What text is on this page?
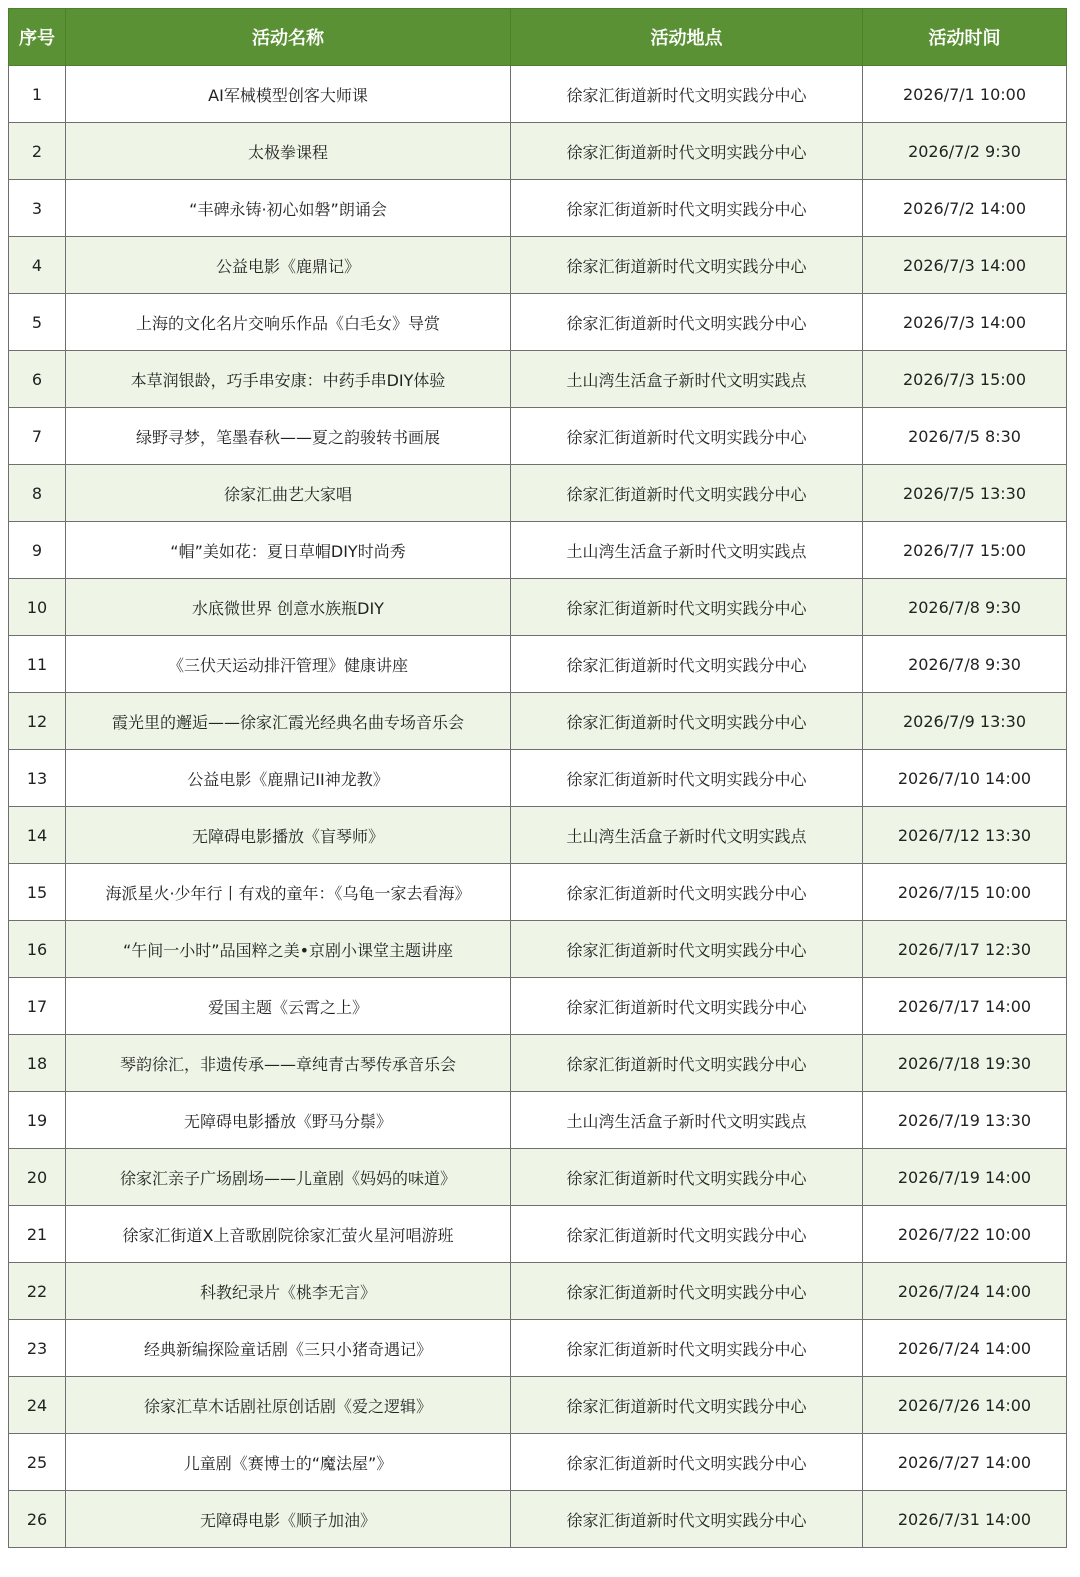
序号	活动名称	活动地点	活动时间
1	AI军械模型创客大师课	徐家汇街道新时代文明实践分中心	2026/7/1 10:00
2	太极拳课程	徐家汇街道新时代文明实践分中心	2026/7/2 9:30
3	“丰碑永铸·初心如磐”朗诵会	徐家汇街道新时代文明实践分中心	2026/7/2 14:00
4	公益电影《鹿鼎记》	徐家汇街道新时代文明实践分中心	2026/7/3 14:00
5	上海的文化名片交响乐作品《白毛女》导赏	徐家汇街道新时代文明实践分中心	2026/7/3 14:00
6	本草润银龄，巧手串安康：中药手串DIY体验	土山湾生活盒子新时代文明实践点	2026/7/3 15:00
7	绿野寻梦，笔墨春秋——夏之韵骏转书画展	徐家汇街道新时代文明实践分中心	2026/7/5 8:30
8	徐家汇曲艺大家唱	徐家汇街道新时代文明实践分中心	2026/7/5 13:30
9	“帽”美如花：夏日草帽DIY时尚秀	土山湾生活盒子新时代文明实践点	2026/7/7 15:00
10	水底微世界 创意水族瓶DIY	徐家汇街道新时代文明实践分中心	2026/7/8 9:30
11	《三伏天运动排汗管理》健康讲座	徐家汇街道新时代文明实践分中心	2026/7/8 9:30
12	霞光里的邂逅——徐家汇霞光经典名曲专场音乐会	徐家汇街道新时代文明实践分中心	2026/7/9 13:30
13	公益电影《鹿鼎记II神龙教》	徐家汇街道新时代文明实践分中心	2026/7/10 14:00
14	无障碍电影播放《盲琴师》	土山湾生活盒子新时代文明实践点	2026/7/12 13:30
15	海派星火·少年行丨有戏的童年：《乌龟一家去看海》	徐家汇街道新时代文明实践分中心	2026/7/15 10:00
16	“午间一小时”品国粹之美•京剧小课堂主题讲座	徐家汇街道新时代文明实践分中心	2026/7/17 12:30
17	爱国主题《云霄之上》	徐家汇街道新时代文明实践分中心	2026/7/17 14:00
18	琴韵徐汇，非遗传承——章纯青古琴传承音乐会	徐家汇街道新时代文明实践分中心	2026/7/18 19:30
19	无障碍电影播放《野马分鬃》	土山湾生活盒子新时代文明实践点	2026/7/19 13:30
20	徐家汇亲子广场剧场——儿童剧《妈妈的味道》	徐家汇街道新时代文明实践分中心	2026/7/19 14:00
21	徐家汇街道X上音歌剧院徐家汇萤火星河唱游班	徐家汇街道新时代文明实践分中心	2026/7/22 10:00
22	科教纪录片《桃李无言》	徐家汇街道新时代文明实践分中心	2026/7/24 14:00
23	经典新编探险童话剧《三只小猪奇遇记》	徐家汇街道新时代文明实践分中心	2026/7/24 14:00
24	徐家汇草木话剧社原创话剧《爱之逻辑》	徐家汇街道新时代文明实践分中心	2026/7/26 14:00
25	儿童剧《赛博士的“魔法屋”》	徐家汇街道新时代文明实践分中心	2026/7/27 14:00
26	无障碍电影《顺子加油》	徐家汇街道新时代文明实践分中心	2026/7/31 14:00
